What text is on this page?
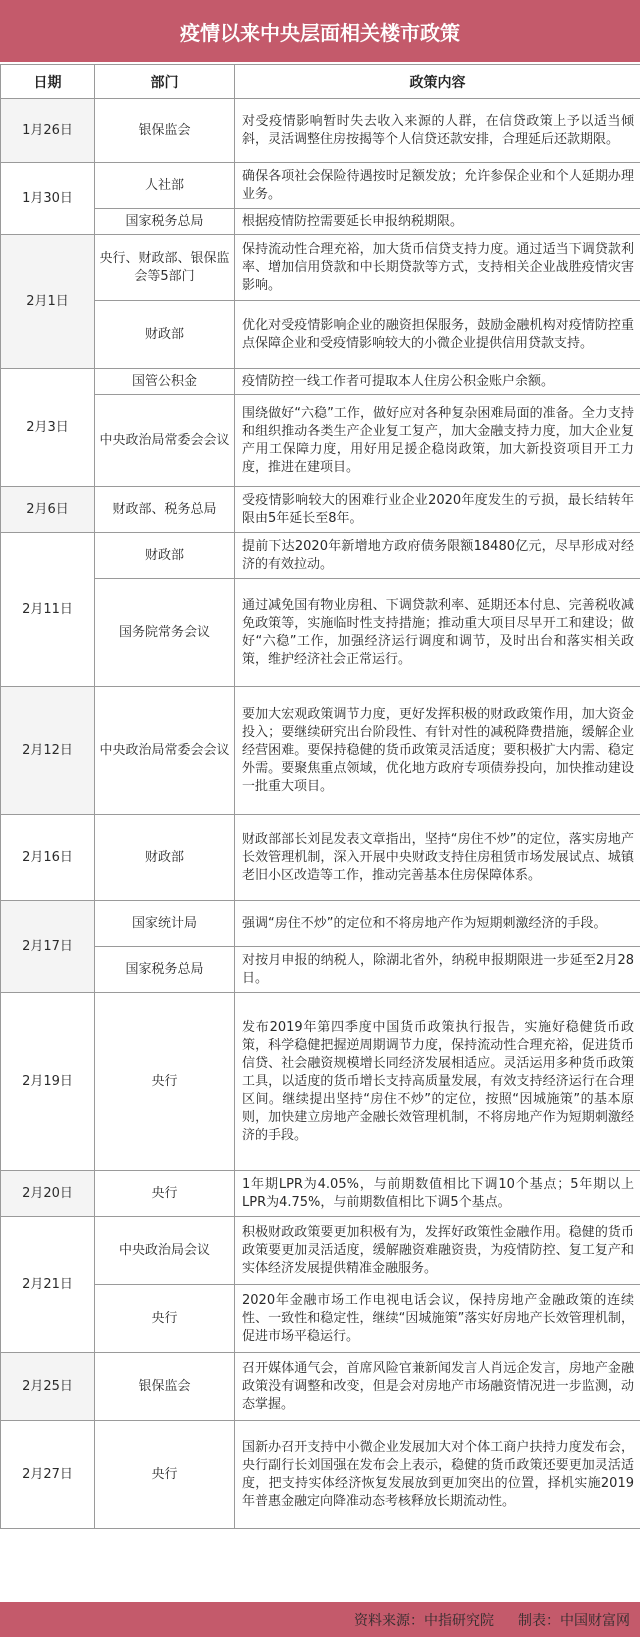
疫情以来中央层面相关楼市政策
日期	部门	政策内容
1月26日	银保监会	对受疫情影响暂时失去收入来源的人群，在信贷政策上予以适当倾斜，灵活调整住房按揭等个人信贷还款安排，合理延后还款期限。
1月30日	人社部	确保各项社会保险待遇按时足额发放；允许参保企业和个人延期办理业务。
	国家税务总局	根据疫情防控需要延长申报纳税期限。
2月1日	央行、财政部、银保监会等5部门	保持流动性合理充裕，加大货币信贷支持力度。通过适当下调贷款利率、增加信用贷款和中长期贷款等方式，支持相关企业战胜疫情灾害影响。
	财政部	优化对受疫情影响企业的融资担保服务，鼓励金融机构对疫情防控重点保障企业和受疫情影响较大的小微企业提供信用贷款支持。
2月3日	国管公积金	疫情防控一线工作者可提取本人住房公积金账户余额。
	中央政治局常委会会议	围绕做好“六稳”工作，做好应对各种复杂困难局面的准备。全力支持和组织推动各类生产企业复工复产，加大金融支持力度，加大企业复产用工保障力度，用好用足援企稳岗政策，加大新投资项目开工力度，推进在建项目。
2月6日	财政部、税务总局	受疫情影响较大的困难行业企业2020年度发生的亏损，最长结转年限由5年延长至8年。
2月11日	财政部	提前下达2020年新增地方政府债务限额18480亿元，尽早形成对经济的有效拉动。
	国务院常务会议	通过减免国有物业房租、下调贷款利率、延期还本付息、完善税收减免政策等，实施临时性支持措施；推动重大项目尽早开工和建设；做好“六稳”工作，加强经济运行调度和调节，及时出台和落实相关政策，维护经济社会正常运行。
2月12日	中央政治局常委会会议	要加大宏观政策调节力度，更好发挥积极的财政政策作用，加大资金投入；要继续研究出台阶段性、有针对性的减税降费措施，缓解企业经营困难。要保持稳健的货币政策灵活适度；要积极扩大内需、稳定外需。要聚焦重点领域，优化地方政府专项债券投向，加快推动建设一批重大项目。
2月16日	财政部	财政部部长刘昆发表文章指出，坚持“房住不炒”的定位，落实房地产长效管理机制，深入开展中央财政支持住房租赁市场发展试点、城镇老旧小区改造等工作，推动完善基本住房保障体系。
2月17日	国家统计局	强调“房住不炒”的定位和不将房地产作为短期刺激经济的手段。
	国家税务总局	对按月申报的纳税人，除湖北省外，纳税申报期限进一步延至2月28日。
2月19日	央行	发布2019年第四季度中国货币政策执行报告，实施好稳健货币政策，科学稳健把握逆周期调节力度，保持流动性合理充裕，促进货币信贷、社会融资规模增长同经济发展相适应。灵活运用多种货币政策工具，以适度的货币增长支持高质量发展，有效支持经济运行在合理区间。继续提出坚持“房住不炒”的定位，按照“因城施策”的基本原则，加快建立房地产金融长效管理机制，不将房地产作为短期刺激经济的手段。
2月20日	央行	1年期LPR为4.05%，与前期数值相比下调10个基点；5年期以上LPR为4.75%，与前期数值相比下调5个基点。
2月21日	中央政治局会议	积极财政政策要更加积极有为，发挥好政策性金融作用。稳健的货币政策要更加灵活适度，缓解融资难融资贵，为疫情防控、复工复产和实体经济发展提供精准金融服务。
	央行	2020年金融市场工作电视电话会议，保持房地产金融政策的连续性、一致性和稳定性，继续“因城施策”落实好房地产长效管理机制，促进市场平稳运行。
2月25日	银保监会	召开媒体通气会，首席风险官兼新闻发言人肖远企发言，房地产金融政策没有调整和改变，但是会对房地产市场融资情况进一步监测，动态掌握。
2月27日	央行	国新办召开支持中小微企业发展加大对个体工商户扶持力度发布会，央行副行长刘国强在发布会上表示，稳健的货币政策还要更加灵活适度，把支持实体经济恢复发展放到更加突出的位置，择机实施2019年普惠金融定向降准动态考核释放长期流动性。
资料来源：中指研究院 制表：中国财富网
